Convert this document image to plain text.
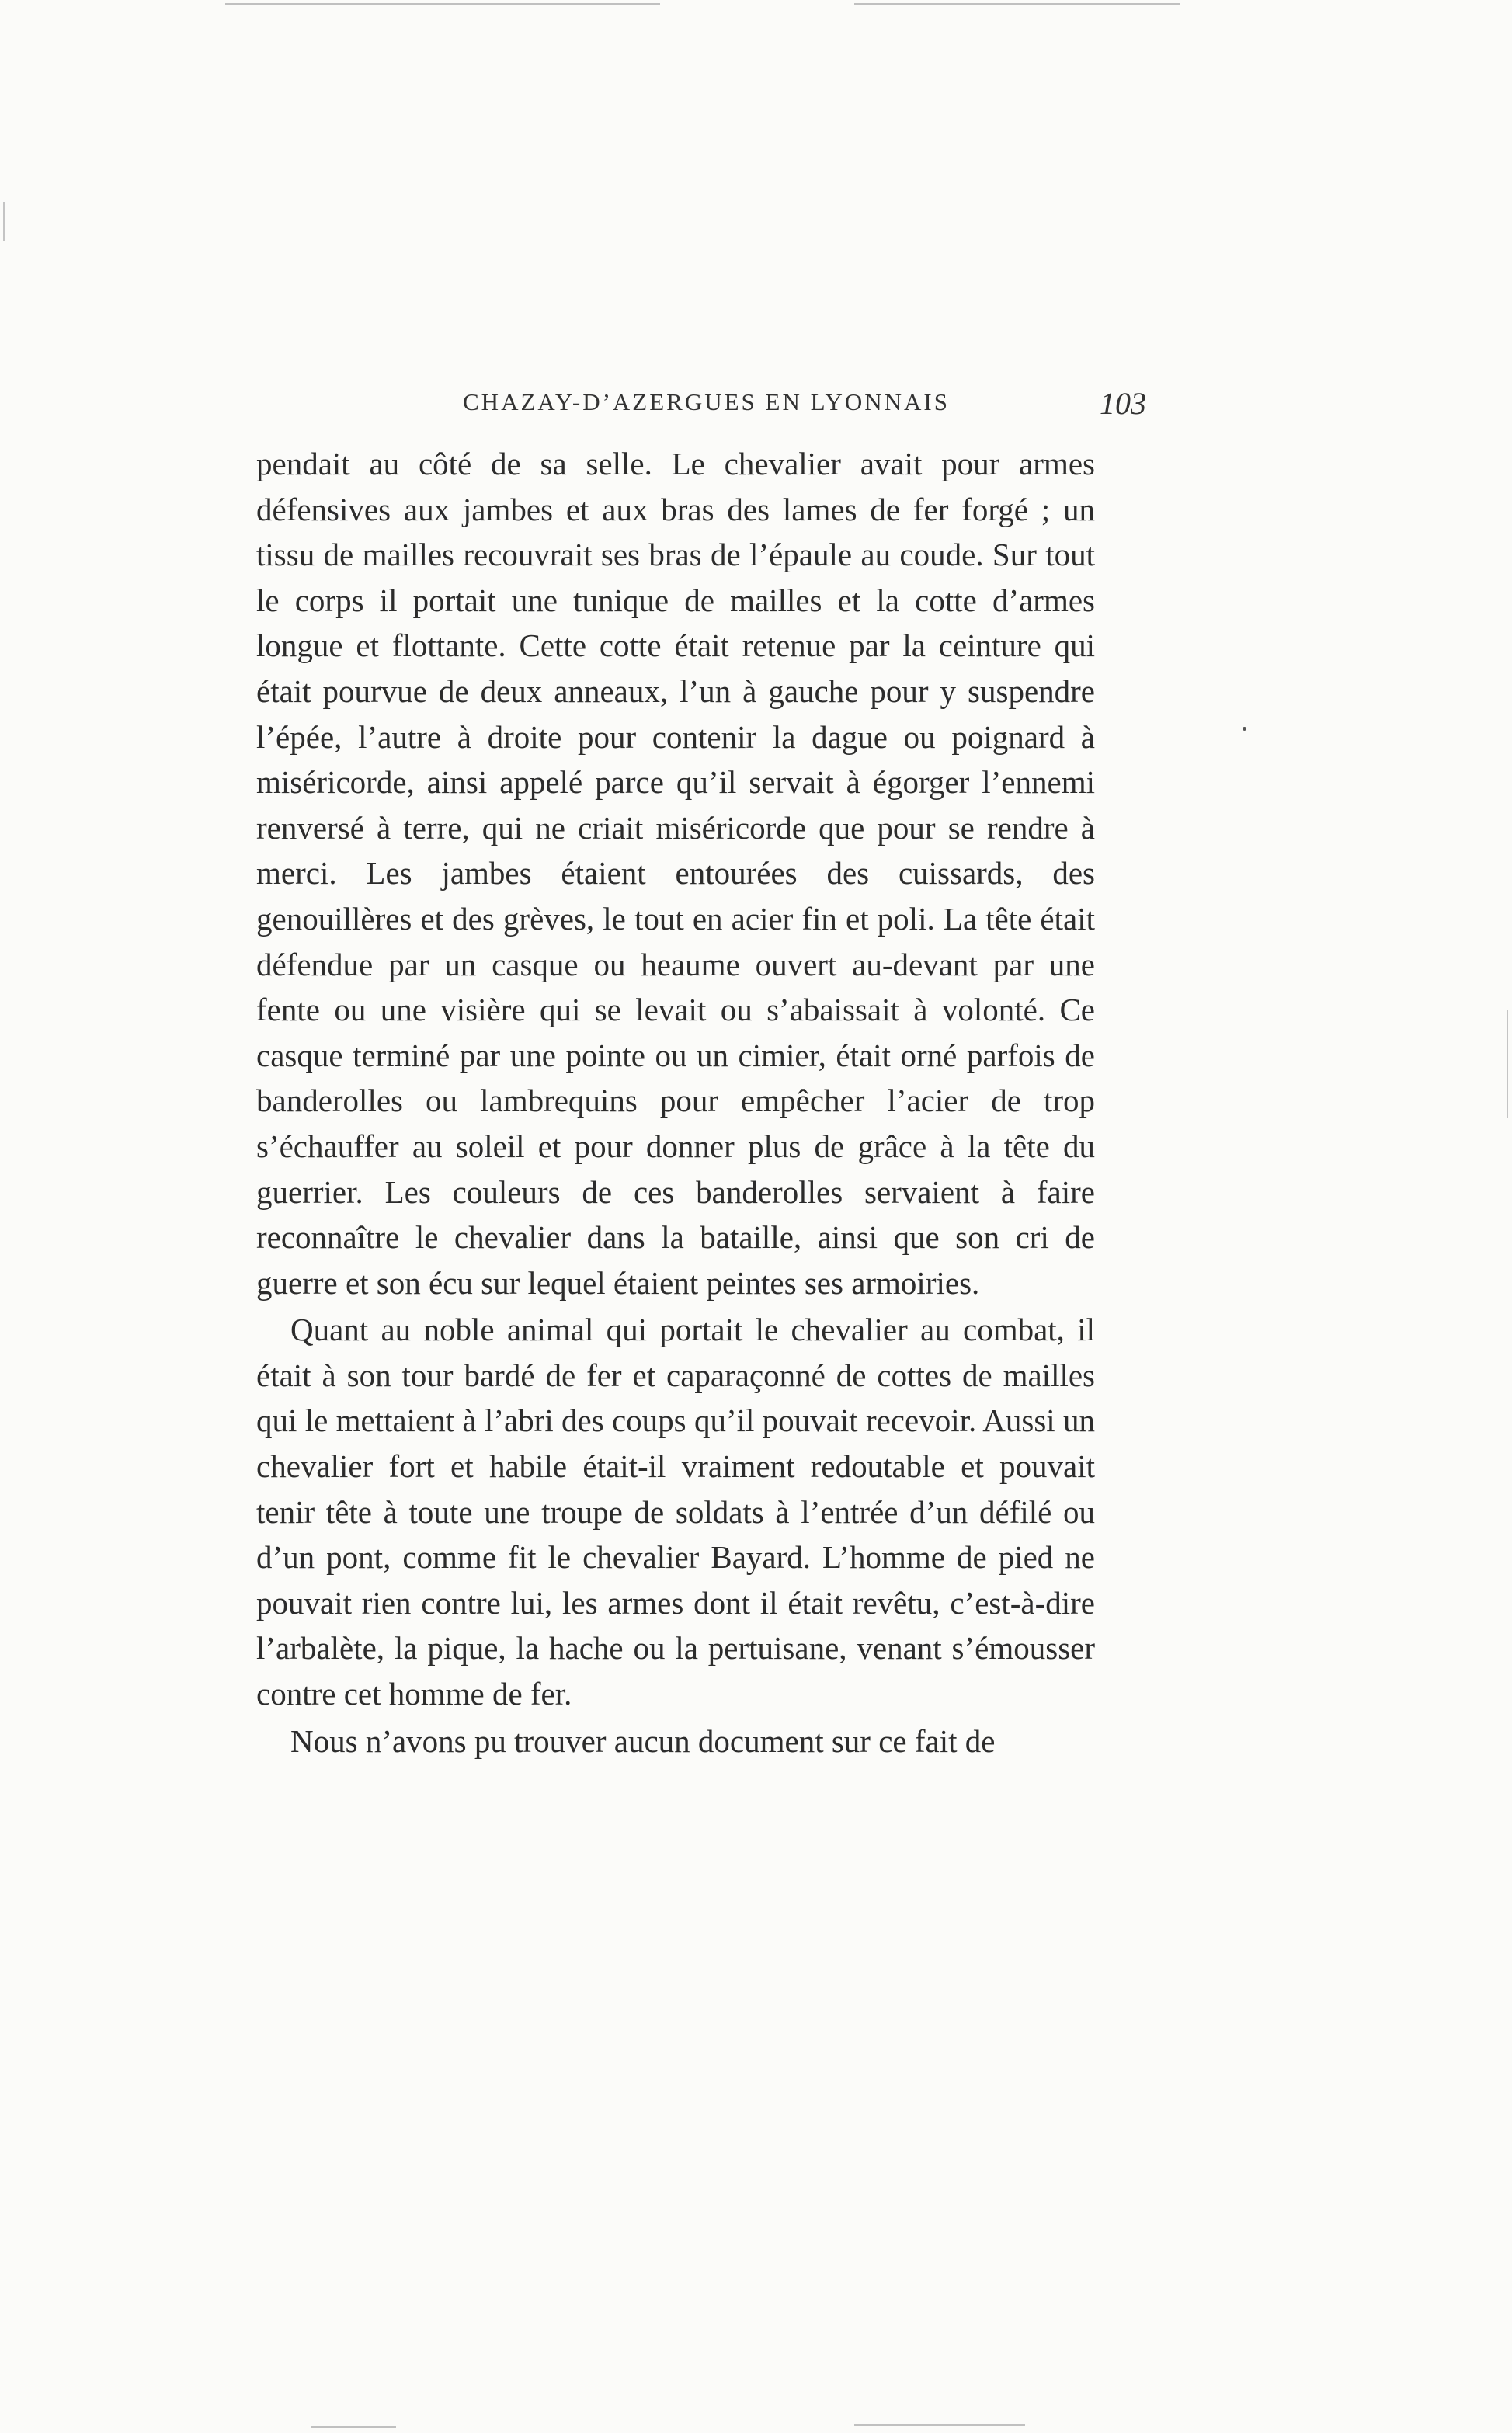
CHAZAY-D’AZERGUES EN LYONNAIS	103

pendait au côté de sa selle. Le chevalier avait pour armes défensives aux jambes et aux bras des lames de fer forgé ; un tissu de mailles recouvrait ses bras de l’épaule au coude. Sur tout le corps il portait une tunique de mailles et la cotte d’armes longue et flottante. Cette cotte était retenue par la ceinture qui était pourvue de deux anneaux, l’un à gauche pour y suspendre l’épée, l’autre à droite pour contenir la dague ou poignard à miséricorde, ainsi appelé parce qu’il servait à égorger l’ennemi renversé à terre, qui ne criait miséricorde que pour se rendre à merci. Les jambes étaient entourées des cuissards, des genouillères et des grèves, le tout en acier fin et poli. La tête était défendue par un casque ou heaume ouvert au-devant par une fente ou une visière qui se levait ou s’abaissait à volonté. Ce casque terminé par une pointe ou un cimier, était orné parfois de banderolles ou lambrequins pour empêcher l’acier de trop s’échauffer au soleil et pour donner plus de grâce à la tête du guerrier. Les couleurs de ces banderolles servaient à faire reconnaître le chevalier dans la bataille, ainsi que son cri de guerre et son écu sur lequel étaient peintes ses armoiries.

Quant au noble animal qui portait le chevalier au combat, il était à son tour bardé de fer et caparaçonné de cottes de mailles qui le mettaient à l’abri des coups qu’il pouvait recevoir. Aussi un chevalier fort et habile était-il vraiment redoutable et pouvait tenir tête à toute une troupe de soldats à l’entrée d’un défilé ou d’un pont, comme fit le chevalier Bayard. L’homme de pied ne pouvait rien contre lui, les armes dont il était revêtu, c’est-à-dire l’arbalète, la pique, la hache ou la pertuisane, venant s’émousser contre cet homme de fer.

Nous n’avons pu trouver aucun document sur ce fait de
